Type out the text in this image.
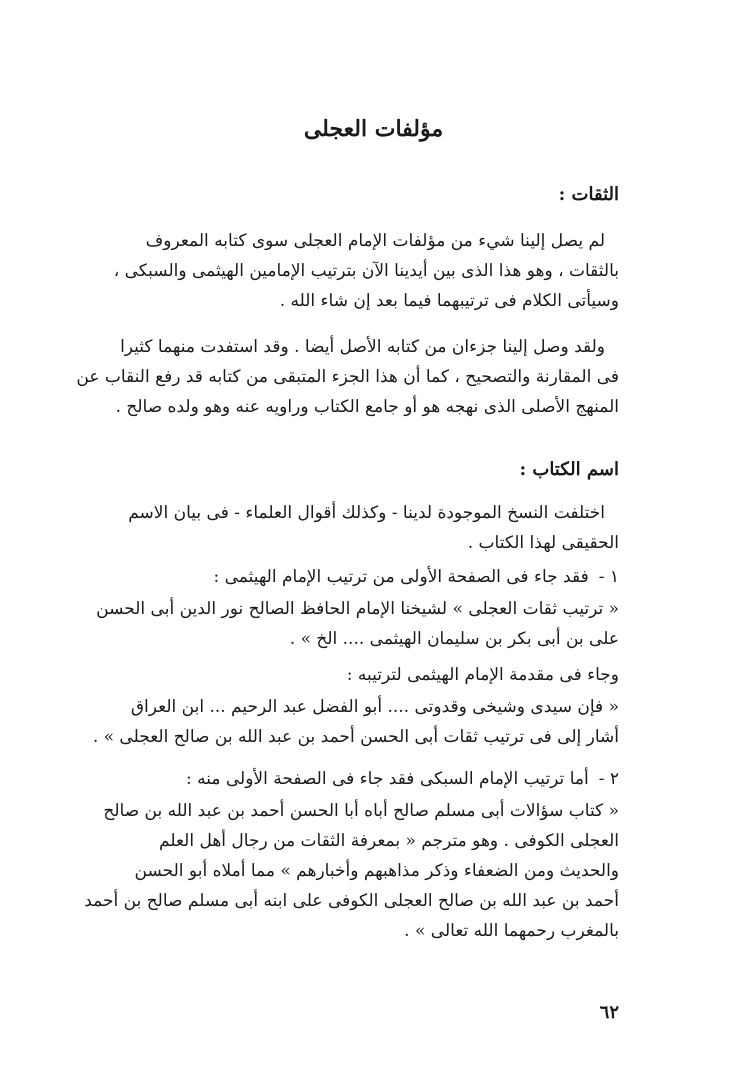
مؤلفات العجلى
الثقات :
لم يصل إلينا شيء من مؤلفات الإمام العجلى سوى كتابه المعروف
بالثقات ، وهو هذا الذى بين أيدينا الآن بترتيب الإمامين الهيثمى والسبكى ،
وسيأتى الكلام فى ترتيبهما فيما بعد إن شاء الله .
ولقد وصل إلينا جزءان من كتابه الأصل أيضا . وقد استفدت منهما كثيرا
فى المقارنة والتصحيح ، كما أن هذا الجزء المتبقى من كتابه قد رفع النقاب عن
المنهج الأصلى الذى نهجه هو أو جامع الكتاب وراويه عنه وهو ولده صالح .
اسم الكتاب :
اختلفت النسخ الموجودة لدينا - وكذلك أقوال العلماء - فى بيان الاسم
الحقيقى لهذا الكتاب .
١ -فقد جاء فى الصفحة الأولى من ترتيب الإمام الهيثمى :
« ترتيب ثقات العجلى » لشيخنا الإمام الحافظ الصالح نور الدين أبى الحسن
على بن أبى بكر بن سليمان الهيثمى .... الخ » .
وجاء فى مقدمة الإمام الهيثمى لترتيبه :
« فإن سيدى وشيخى وقدوتى .... أبو الفضل عبد الرحيم ... ابن العراق
أشار إلى فى ترتيب ثقات أبى الحسن أحمد بن عبد الله بن صالح العجلى » .
٢ -أما ترتيب الإمام السبكى فقد جاء فى الصفحة الأولى منه :
« كتاب سؤالات أبى مسلم صالح أباه أبا الحسن أحمد بن عبد الله بن صالح
العجلى الكوفى . وهو مترجم « بمعرفة الثقات من رجال أهل العلم
والحديث ومن الضعفاء وذكر مذاهبهم وأخبارهم » مما أملاه أبو الحسن
أحمد بن عبد الله بن صالح العجلى الكوفى على ابنه أبى مسلم صالح بن أحمد
بالمغرب رحمهما الله تعالى » .
٦٢
